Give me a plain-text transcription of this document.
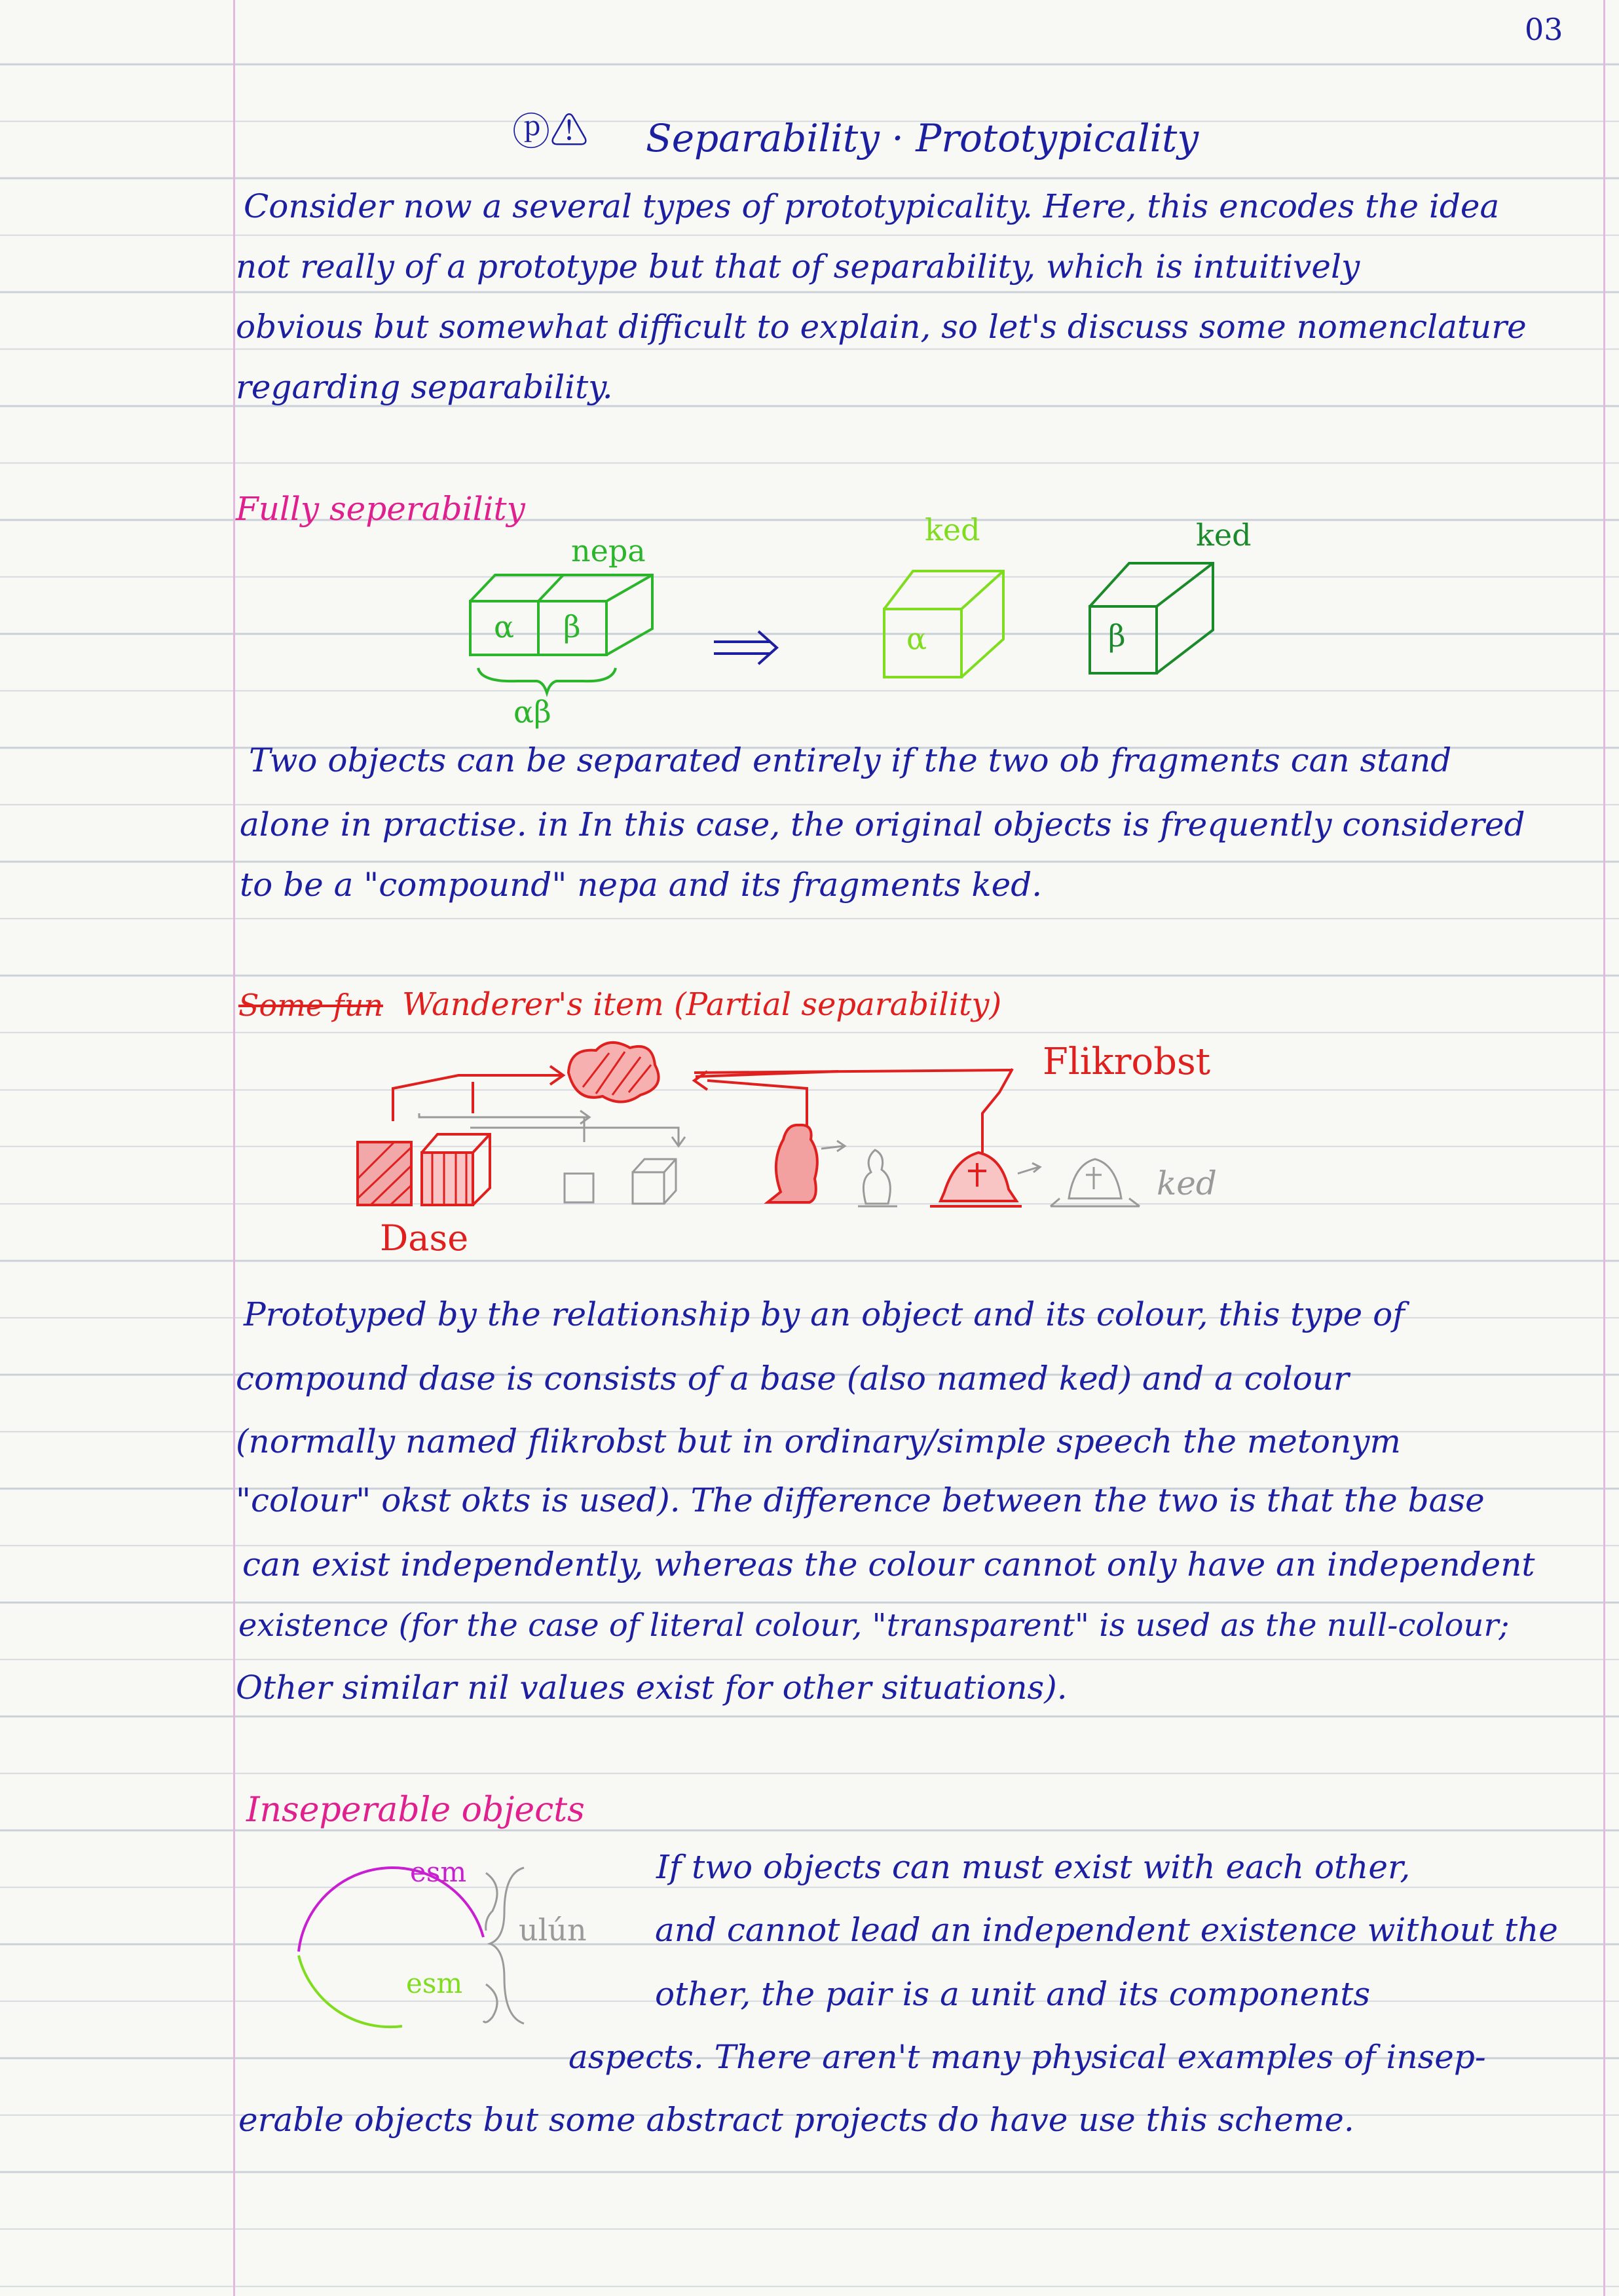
03
ⓟ⚠ Separability · Prototypicality
Consider now a several types of prototypicality. Here, this encodes the idea
not really of a prototype but that of separability, which is intuitively
obvious but somewhat difficult to explain, so let's discuss some nomenclature
regarding separability.
Fully seperability
nepa
α β
αβ
ked
α
ked
β
Two objects can be separated entirely if the two ob fragments can stand
alone in practise. in In this case, the original objects is frequently considered
to be a "compound" nepa and its fragments ked.
Some fun Wanderer's item (Partial separability)
Flikrobst
Dase
ked
Prototyped by the relationship by an object and its colour, this type of
compound dase is consists of a base (also named ked) and a colour
(normally named flikrobst but in ordinary/simple speech the metonym
"colour" okst okts is used). The difference between the two is that the base
can exist independently, whereas the colour cannot only have an independent
existence (for the case of literal colour, "transparent" is used as the null-colour;
Other similar nil values exist for other situations).
Inseperable objects
esm
esm
ulún
If two objects can must exist with each other,
and cannot lead an independent existence without the
other, the pair is a unit and its components
aspects. There aren't many physical examples of insep-
erable objects but some abstract projects do have use this scheme.
